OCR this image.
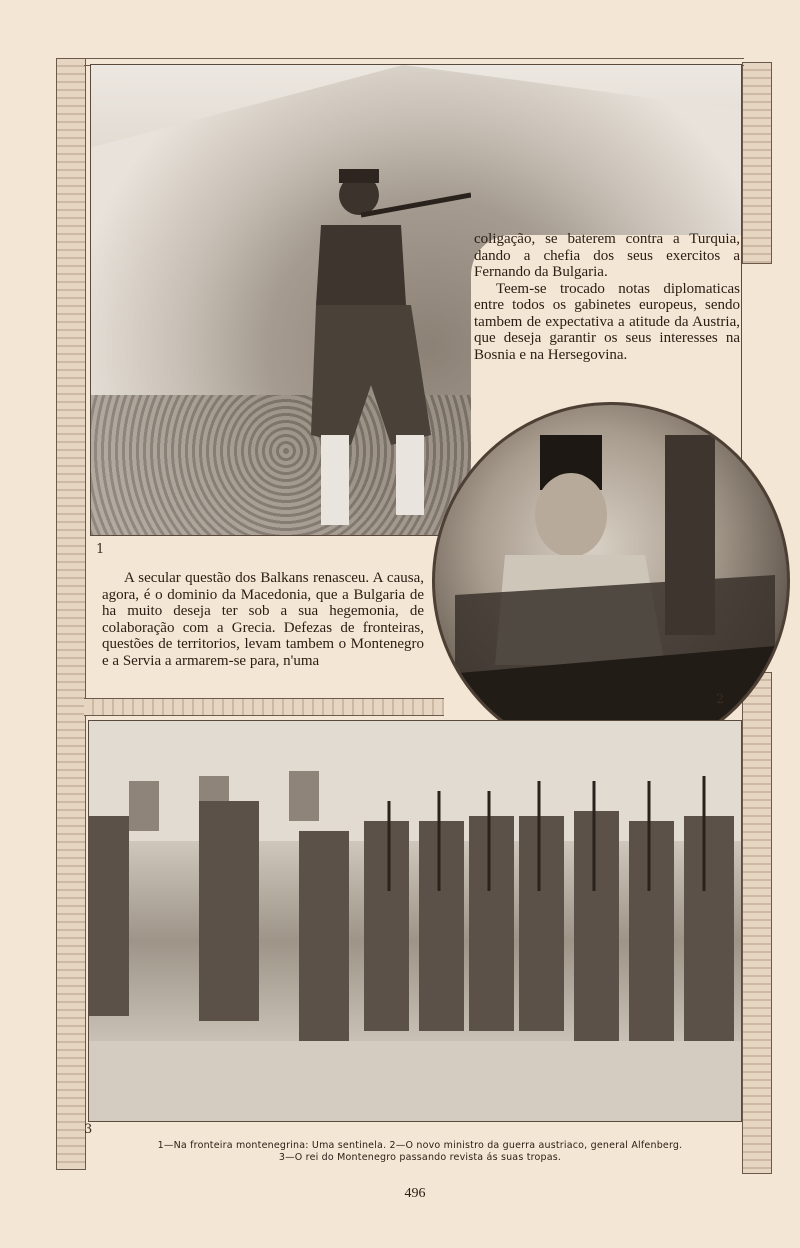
1
2
3

coligação, se baterem contra a Turquia, dando a chefia dos seus exercitos a Fernando da Bulgaria.

Teem-se trocado notas diplomaticas entre todos os gabinetes europeus, sendo tambem de expectativa a atitude da Austria, que deseja garantir os seus interesses na Bosnia e na Hersegovina.

A secular questão dos Balkans renasceu. A causa, agora, é o dominio da Macedonia, que a Bulgaria de ha muito deseja ter sob a sua hegemonia, de colaboração com a Grecia. Defezas de fronteiras, questões de territorios, levam tambem o Montenegro e a Servia a armarem-se para, n'uma

1—Na fronteira montenegrina: Uma sentinela. 2—O novo ministro da guerra austriaco, general Alfenberg.
3—O rei do Montenegro passando revista ás suas tropas.
496
